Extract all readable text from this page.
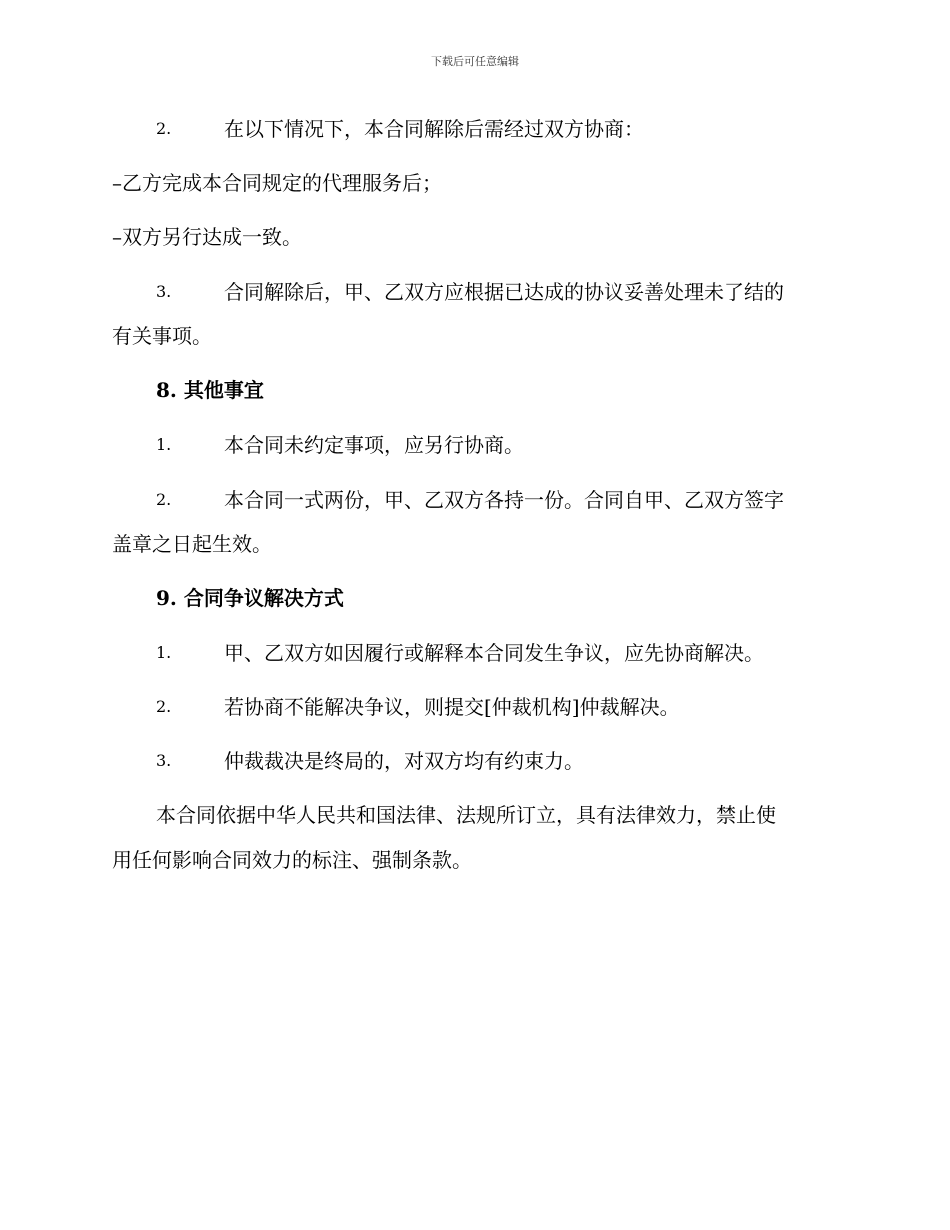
下载后可任意编辑
2.	在以下情况下，本合同解除后需经过双方协商：
–乙方完成本合同规定的代理服务后；
–双方另行达成一致。
3.	合同解除后，甲、乙双方应根据已达成的协议妥善处理未了结的
有关事项。
8. 其他事宜
1.	本合同未约定事项，应另行协商。
2.	本合同一式两份，甲、乙双方各持一份。合同自甲、乙双方签字
盖章之日起生效。
9. 合同争议解决方式
1.	甲、乙双方如因履行或解释本合同发生争议，应先协商解决。
2.	若协商不能解决争议，则提交[仲裁机构]仲裁解决。
3.	仲裁裁决是终局的，对双方均有约束力。
本合同依据中华人民共和国法律、法规所订立，具有法律效力，禁止使
用任何影响合同效力的标注、强制条款。
